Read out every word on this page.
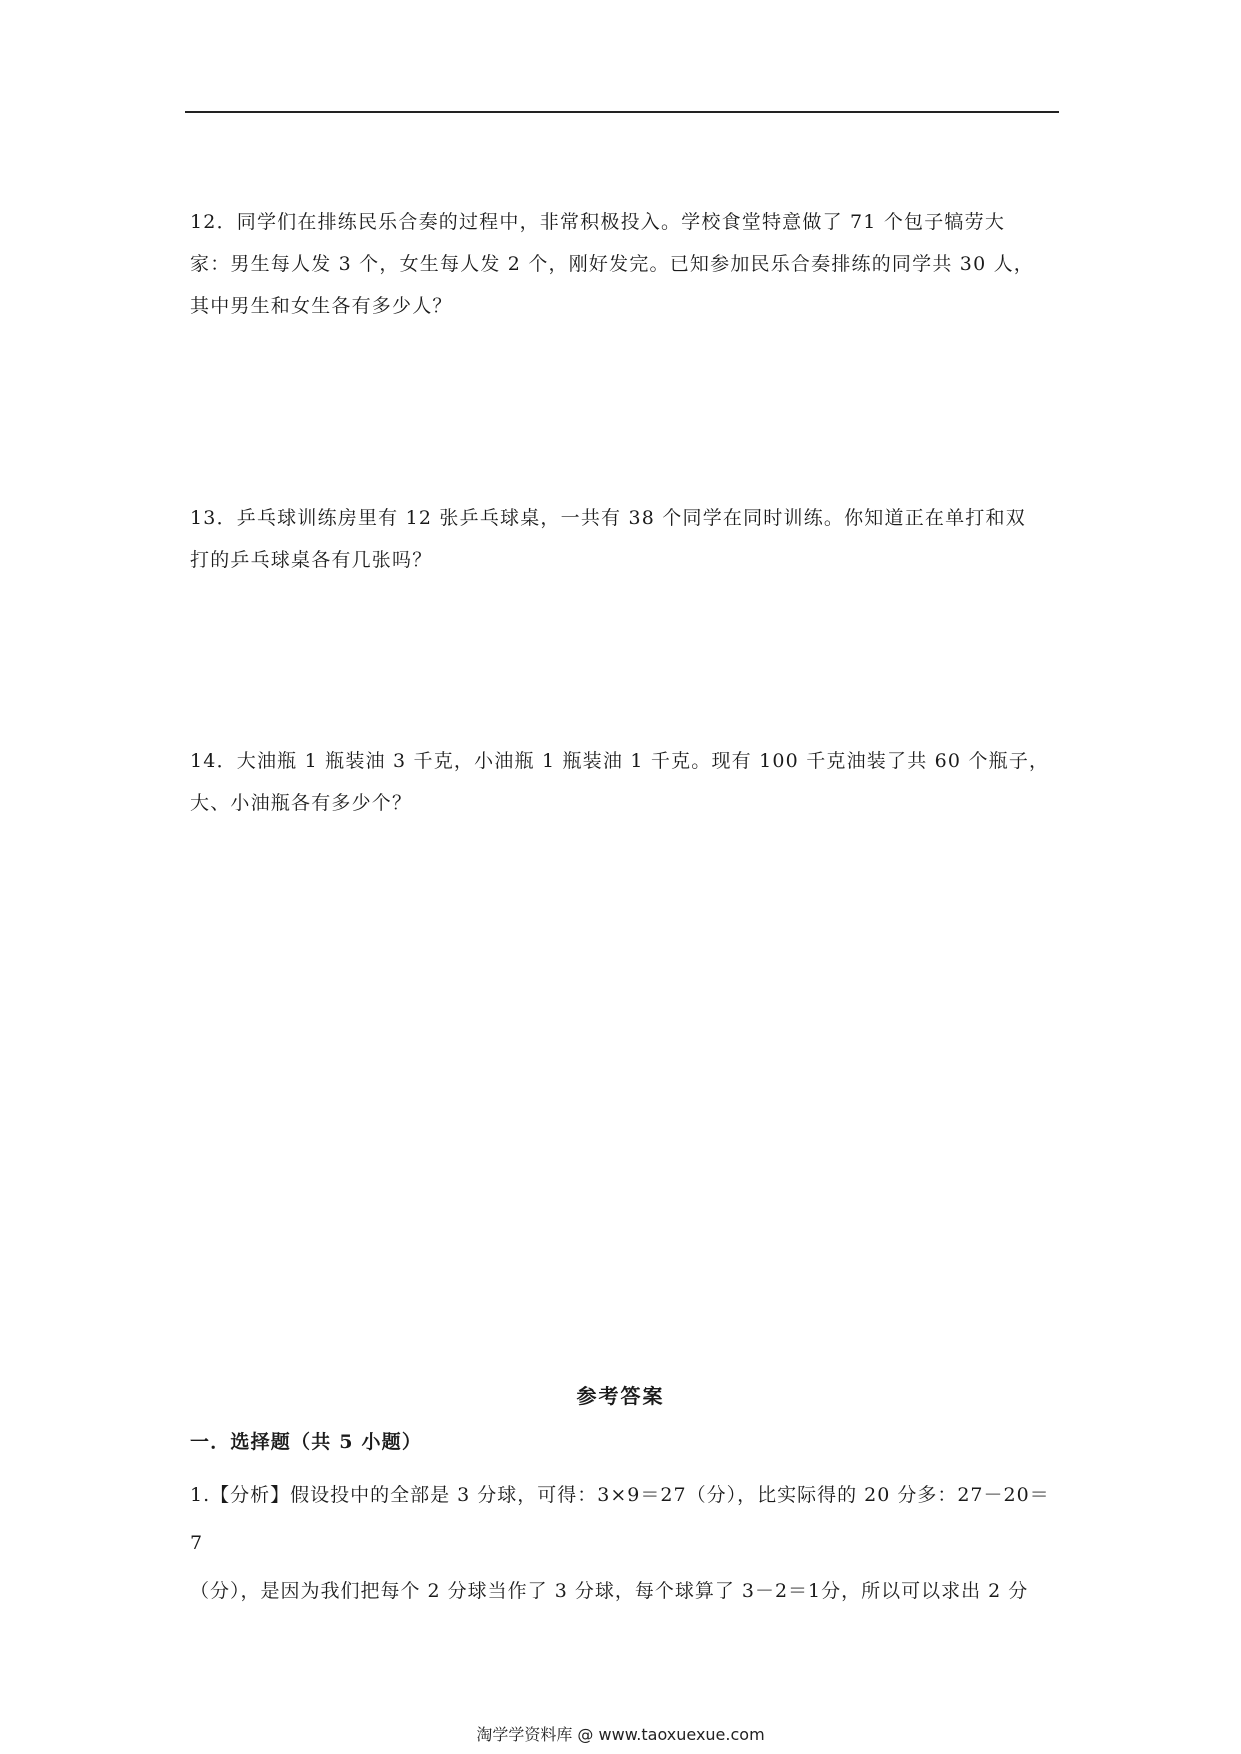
12．同学们在排练民乐合奏的过程中，非常积极投入。学校食堂特意做了 71 个包子犒劳大
家：男生每人发 3 个，女生每人发 2 个，刚好发完。已知参加民乐合奏排练的同学共 30 人，
其中男生和女生各有多少人？
13．乒乓球训练房里有 12 张乒乓球桌，一共有 38 个同学在同时训练。你知道正在单打和双
打的乒乓球桌各有几张吗？
14．大油瓶 1 瓶装油 3 千克，小油瓶 1 瓶装油 1 千克。现有 100 千克油装了共 60 个瓶子，
大、小油瓶各有多少个？
参考答案
一．选择题（共 5 小题）
1.【分析】假设投中的全部是 3 分球，可得：3×9＝27（分），比实际得的 20 分多：27－20＝7
（分），是因为我们把每个 2 分球当作了 3 分球，每个球算了 3－2＝1分，所以可以求出 2 分
淘学学资料库 @ www.taoxuexue.com
